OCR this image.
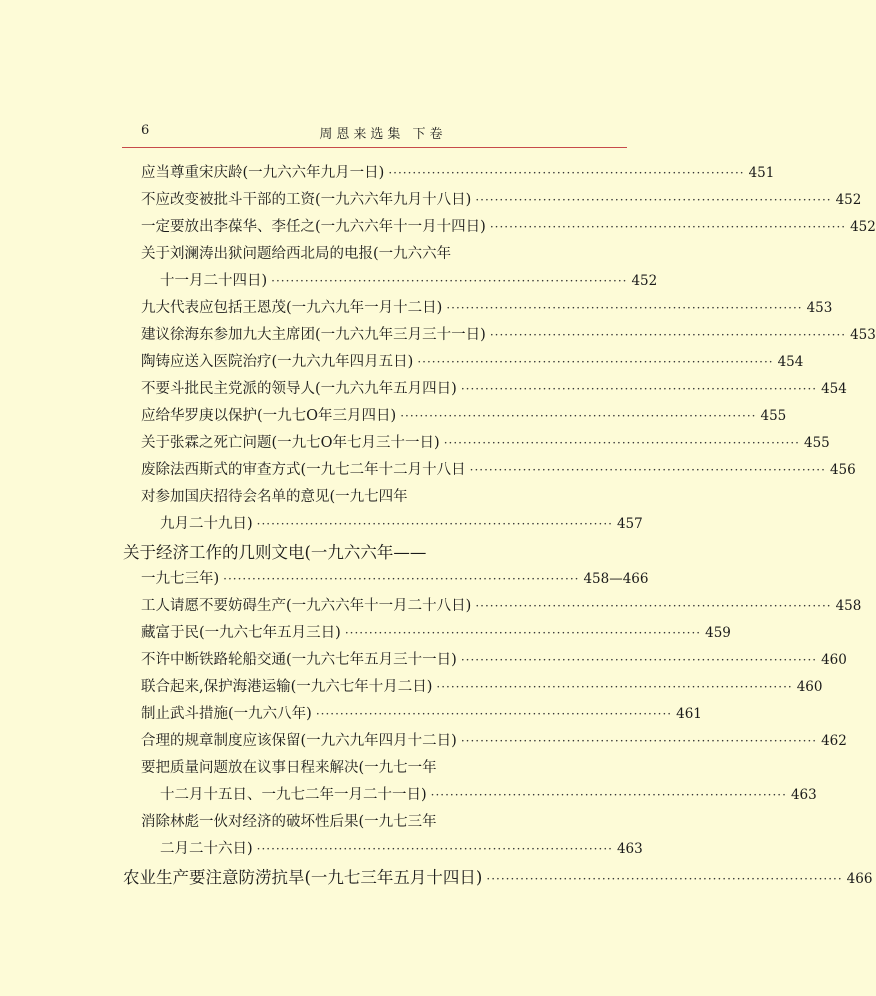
6	周恩来选集 下卷
应当尊重宋庆龄(一九六六年九月一日) ·········································································· 451
不应改变被批斗干部的工资(一九六六年九月十八日) ·········································································· 452
一定要放出李葆华、李任之(一九六六年十一月十四日) ·········································································· 452
关于刘澜涛出狱问题给西北局的电报(一九六六年
十一月二十四日) ·········································································· 452
九大代表应包括王恩茂(一九六九年一月十二日) ·········································································· 453
建议徐海东参加九大主席团(一九六九年三月三十一日) ·········································································· 453
陶铸应送入医院治疗(一九六九年四月五日) ·········································································· 454
不要斗批民主党派的领导人(一九六九年五月四日) ·········································································· 454
应给华罗庚以保护(一九七O年三月四日) ·········································································· 455
关于张霖之死亡问题(一九七O年七月三十一日) ·········································································· 455
废除法西斯式的审查方式(一九七二年十二月十八日 ·········································································· 456
对参加国庆招待会名单的意见(一九七四年
九月二十九日) ·········································································· 457
关于经济工作的几则文电(一九六六年——
一九七三年) ·········································································· 458—466
工人请愿不要妨碍生产(一九六六年十一月二十八日) ·········································································· 458
藏富于民(一九六七年五月三日) ·········································································· 459
不许中断铁路轮船交通(一九六七年五月三十一日) ·········································································· 460
联合起来,保护海港运输(一九六七年十月二日) ·········································································· 460
制止武斗措施(一九六八年) ·········································································· 461
合理的规章制度应该保留(一九六九年四月十二日) ·········································································· 462
要把质量问题放在议事日程来解决(一九七一年
十二月十五日、一九七二年一月二十一日) ·········································································· 463
消除林彪一伙对经济的破坏性后果(一九七三年
二月二十六日) ·········································································· 463
农业生产要注意防涝抗旱(一九七三年五月十四日) ·········································································· 466
